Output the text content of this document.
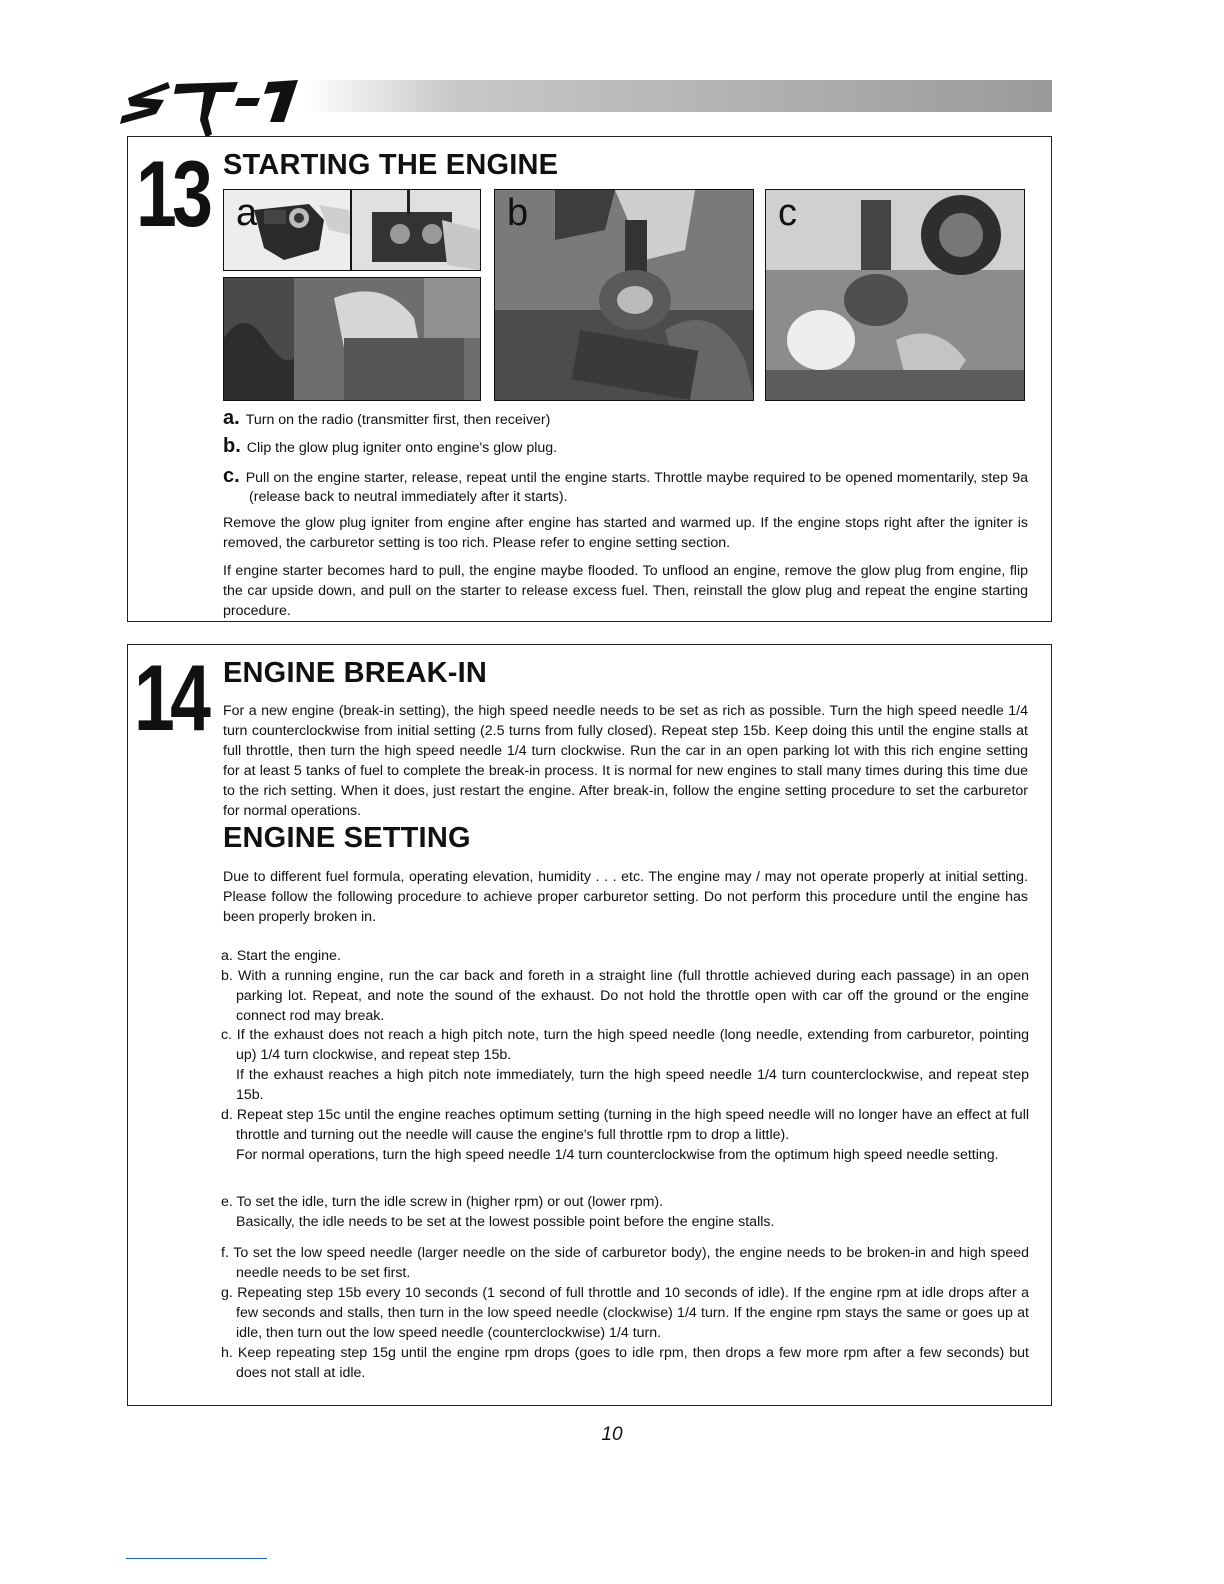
13 STARTING THE ENGINE
a	b	c
a. Turn on the radio (transmitter first, then receiver)
b. Clip the glow plug igniter onto engine's glow plug.
c. Pull on the engine starter, release, repeat until the engine starts. Throttle maybe required to be opened momentarily, step 9a (release back to neutral immediately after it starts).
Remove the glow plug igniter from engine after engine has started and warmed up. If the engine stops right after the igniter is removed, the carburetor setting is too rich. Please refer to engine setting section.
If engine starter becomes hard to pull, the engine maybe flooded. To unflood an engine, remove the glow plug from engine, flip the car upside down, and pull on the starter to release excess fuel. Then, reinstall the glow plug and repeat the engine starting procedure.
14 ENGINE BREAK-IN
For a new engine (break-in setting), the high speed needle needs to be set as rich as possible. Turn the high speed needle 1/4 turn counterclockwise from initial setting (2.5 turns from fully closed). Repeat step 15b. Keep doing this until the engine stalls at full throttle, then turn the high speed needle 1/4 turn clockwise. Run the car in an open parking lot with this rich engine setting for at least 5 tanks of fuel to complete the break-in process. It is normal for new engines to stall many times during this time due to the rich setting. When it does, just restart the engine. After break-in, follow the engine setting procedure to set the carburetor for normal operations.
ENGINE SETTING
Due to different fuel formula, operating elevation, humidity . . . etc. The engine may / may not operate properly at initial setting. Please follow the following procedure to achieve proper carburetor setting. Do not perform this procedure until the engine has been properly broken in.
a. Start the engine.
b. With a running engine, run the car back and foreth in a straight line (full throttle achieved during each passage) in an open parking lot. Repeat, and note the sound of the exhaust. Do not hold the throttle open with car off the ground or the engine connect rod may break.
c. If the exhaust does not reach a high pitch note, turn the high speed needle (long needle, extending from carburetor, pointing up) 1/4 turn clockwise, and repeat step 15b.
If the exhaust reaches a high pitch note immediately, turn the high speed needle 1/4 turn counterclockwise, and repeat step 15b.
d. Repeat step 15c until the engine reaches optimum setting (turning in the high speed needle will no longer have an effect at full throttle and turning out the needle will cause the engine's full throttle rpm to drop a little).
For normal operations, turn the high speed needle 1/4 turn counterclockwise from the optimum high speed needle setting.
e. To set the idle, turn the idle screw in (higher rpm) or out (lower rpm).
Basically, the idle needs to be set at the lowest possible point before the engine stalls.
f. To set the low speed needle (larger needle on the side of carburetor body), the engine needs to be broken-in and high speed needle needs to be set first.
g. Repeating step 15b every 10 seconds (1 second of full throttle and 10 seconds of idle). If the engine rpm at idle drops after a few seconds and stalls, then turn in the low speed needle (clockwise) 1/4 turn. If the engine rpm stays the same or goes up at idle, then turn out the low speed needle (counterclockwise) 1/4 turn.
h. Keep repeating step 15g until the engine rpm drops (goes to idle rpm, then drops a few more rpm after a few seconds) but does not stall at idle.
10
